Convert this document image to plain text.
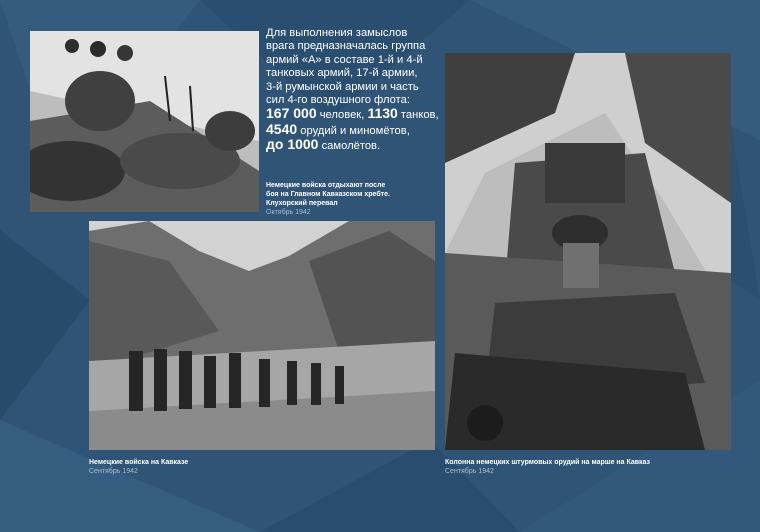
Для выполнения замыслов
врага предназначалась группа
армий «А» в составе 1-й и 4-й
танковых армий, 17-й армии,
3-й румынской армии и часть
сил 4-го воздушного флота:
167 000 человек, 1130 танков,
4540 орудий и миномётов,
до 1000 самолётов.
Немецкие войска отдыхают после
боя на Главном Кавказском хребте.
Клухорский перевал
Октябрь 1942
Немецкие войска на Кавказе
Сентябрь 1942
Колонна немецких штурмовых орудий на марше на Кавказ
Сентябрь 1942
